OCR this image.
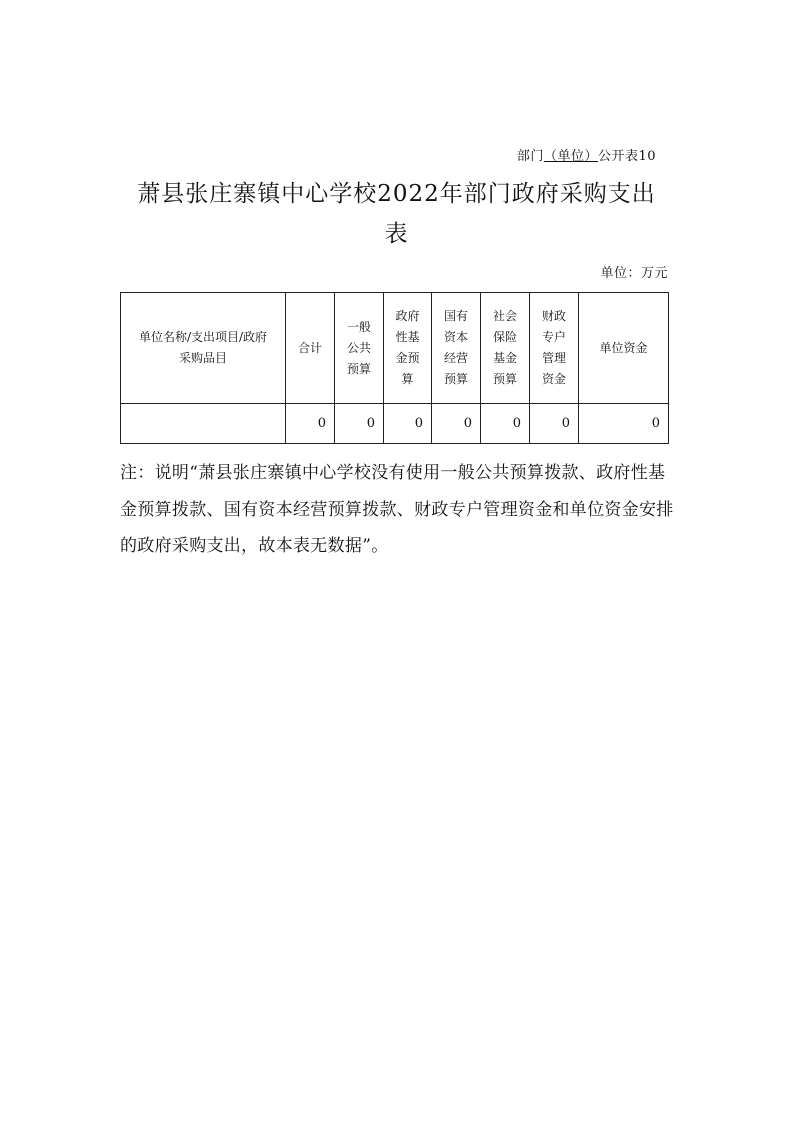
部门（单位）公开表10
萧县张庄寨镇中心学校2022年部门政府采购支出
表
单位：万元
单位名称/支出项目/政府
采购品目	合计	一般
公共
预算	政府
性基
金预
算	国有
资本
经营
预算	社会
保险
基金
预算	财政
专户
管理
资金	单位资金

	0	0	0	0	0	0	0
注：说明“萧县张庄寨镇中心学校没有使用一般公共预算拨款、政府性基金预算拨款、国有资本经营预算拨款、财政专户管理资金和单位资金安排的政府采购支出，故本表无数据”。
